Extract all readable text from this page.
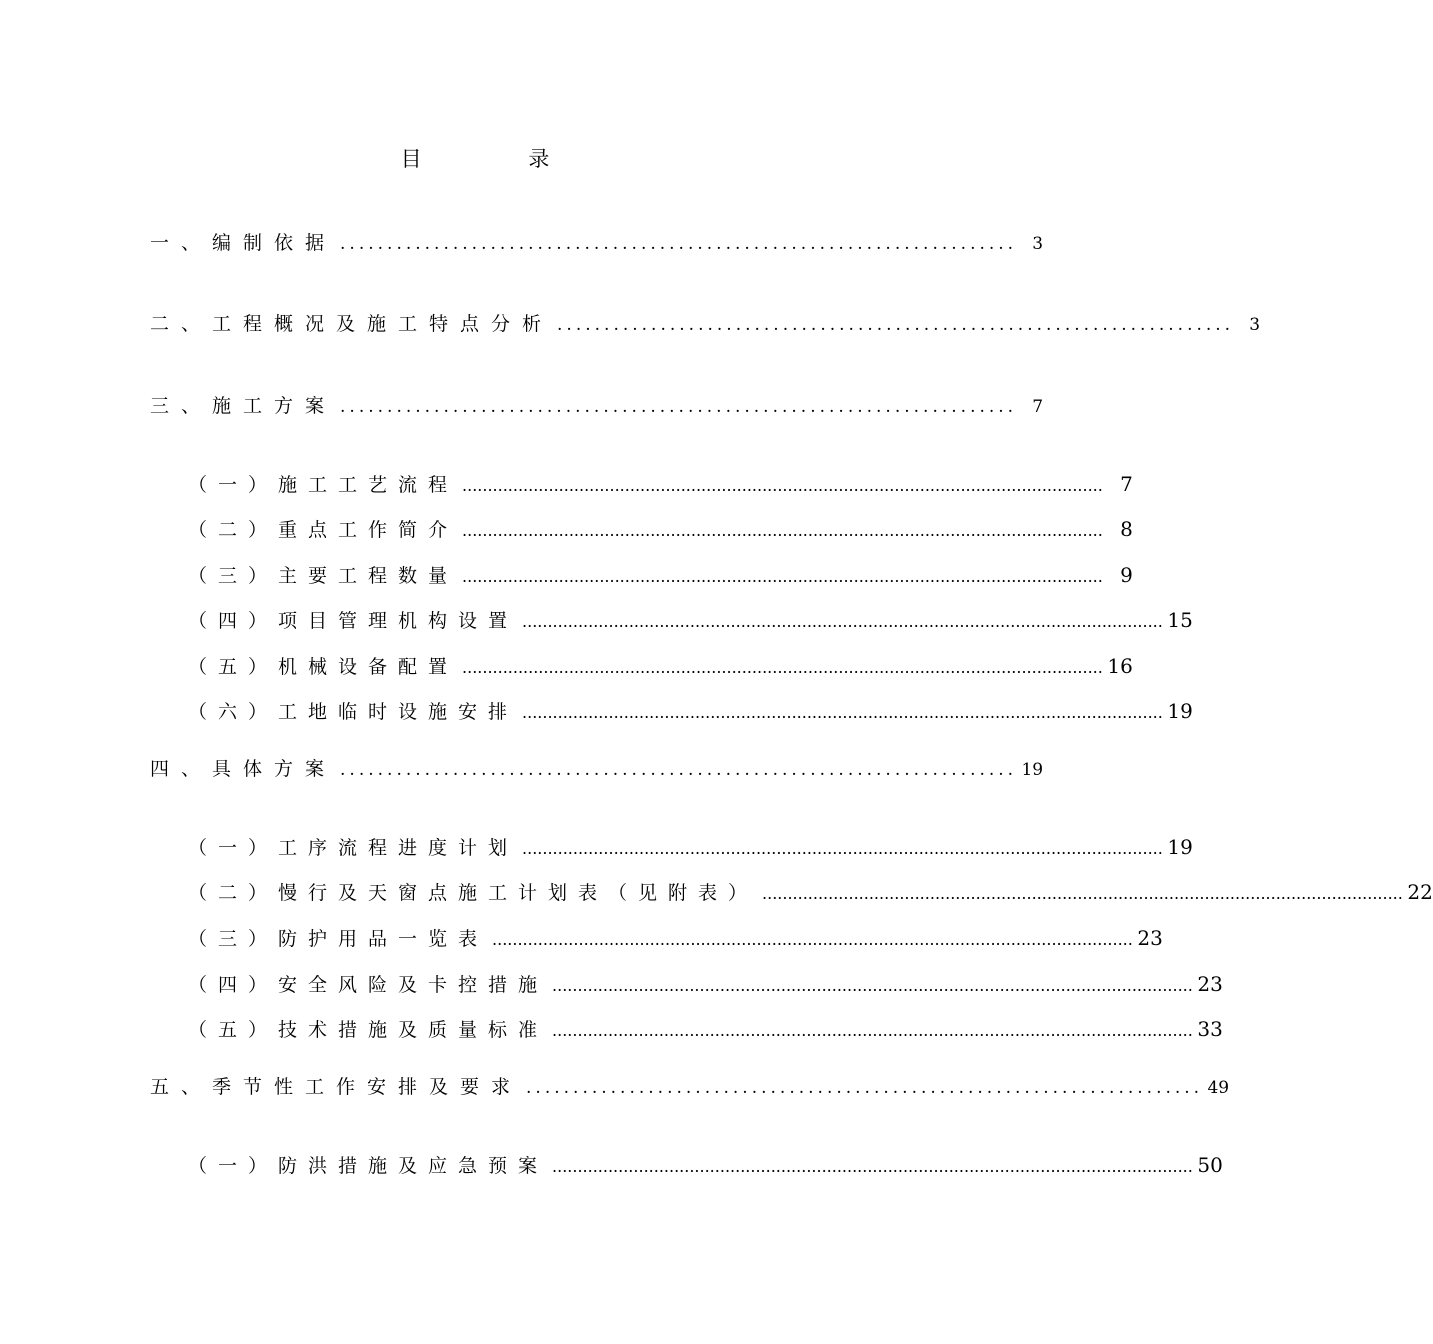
目 录
一、编制依据 ........................................................................ 3
二、工程概况及施工特点分析 ........................................................................ 3
三、施工方案 ........................................................................ 7
（一）施工工艺流程 .............................................................................................................................. 7
（二）重点工作简介 .............................................................................................................................. 8
（三）主要工程数量 .............................................................................................................................. 9
（四）项目管理机构设置 .............................................................................................................................. 15
（五）机械设备配置 .............................................................................................................................. 16
（六）工地临时设施安排 .............................................................................................................................. 19
四、具体方案 ........................................................................ 19
（一）工序流程进度计划 .............................................................................................................................. 19
（二）慢行及天窗点施工计划表（见附表） .............................................................................................................................. 22
（三）防护用品一览表 .............................................................................................................................. 23
（四）安全风险及卡控措施 .............................................................................................................................. 23
（五）技术措施及质量标准 .............................................................................................................................. 33
五、季节性工作安排及要求 ........................................................................ 49
（一）防洪措施及应急预案 .............................................................................................................................. 50
